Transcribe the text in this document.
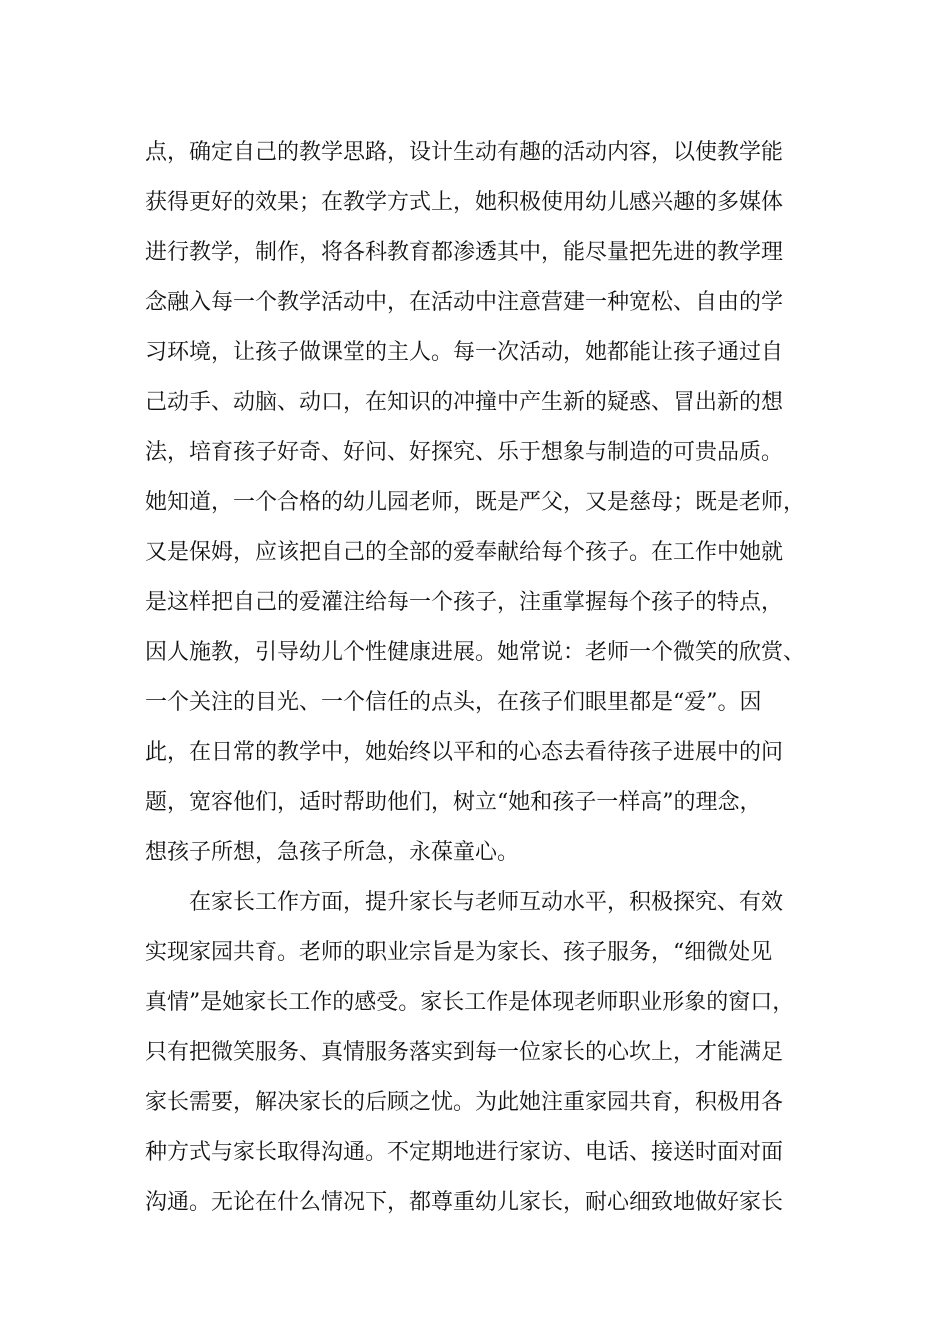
点，确定自己的教学思路，设计生动有趣的活动内容，以使教学能
获得更好的效果；在教学方式上，她积极使用幼儿感兴趣的多媒体
进行教学，制作，将各科教育都渗透其中，能尽量把先进的教学理
念融入每一个教学活动中，在活动中注意营建一种宽松、自由的学
习环境，让孩子做课堂的主人。每一次活动，她都能让孩子通过自
己动手、动脑、动口，在知识的冲撞中产生新的疑惑、冒出新的想
法，培育孩子好奇、好问、好探究、乐于想象与制造的可贵品质。
她知道，一个合格的幼儿园老师，既是严父，又是慈母；既是老师，
又是保姆，应该把自己的全部的爱奉献给每个孩子。在工作中她就
是这样把自己的爱灌注给每一个孩子，注重掌握每个孩子的特点，
因人施教，引导幼儿个性健康进展。她常说：老师一个微笑的欣赏、
一个关注的目光、一个信任的点头，在孩子们眼里都是“爱”。因
此，在日常的教学中，她始终以平和的心态去看待孩子进展中的问
题，宽容他们，适时帮助他们，树立“她和孩子一样高”的理念，
想孩子所想，急孩子所急，永葆童心。
在家长工作方面，提升家长与老师互动水平，积极探究、有效
实现家园共育。老师的职业宗旨是为家长、孩子服务，“细微处见
真情”是她家长工作的感受。家长工作是体现老师职业形象的窗口，
只有把微笑服务、真情服务落实到每一位家长的心坎上，才能满足
家长需要，解决家长的后顾之忧。为此她注重家园共育，积极用各
种方式与家长取得沟通。不定期地进行家访、电话、接送时面对面
沟通。无论在什么情况下，都尊重幼儿家长，耐心细致地做好家长
